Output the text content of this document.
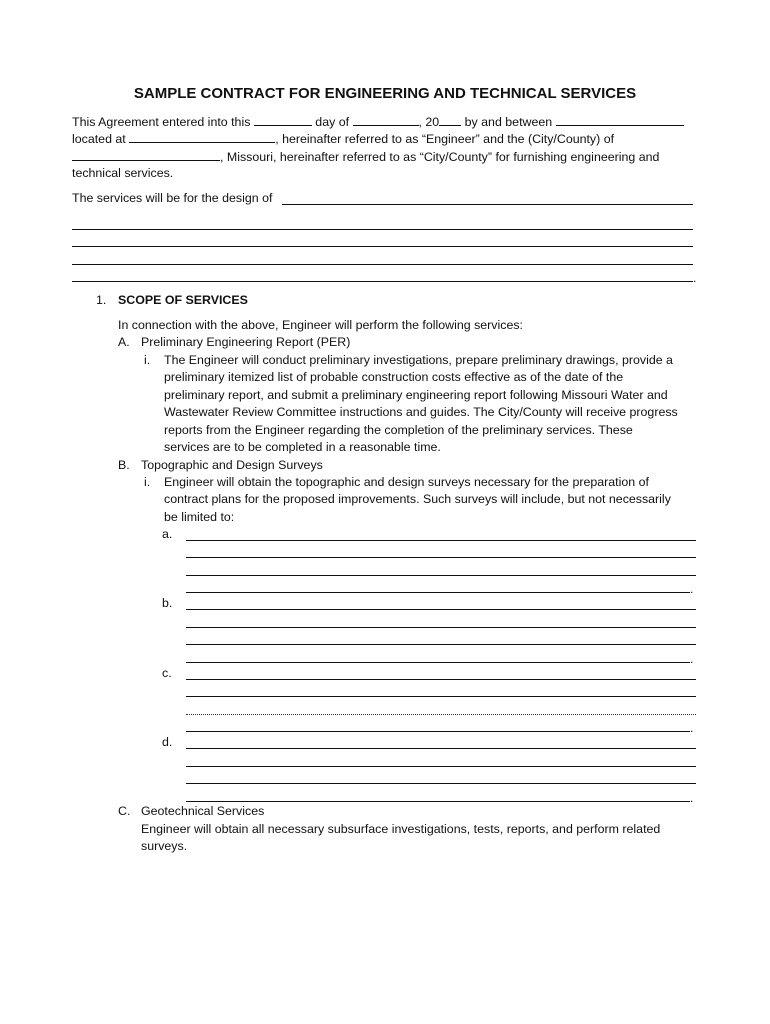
SAMPLE CONTRACT FOR ENGINEERING AND TECHNICAL SERVICES
This Agreement entered into this	day of	, 20 by and between
located at	, hereinafter referred to as “Engineer” and the (City/County) of
, Missouri, hereinafter referred to as “City/County” for furnishing engineering and
technical services.
The services will be for the design of
.
1. SCOPE OF SERVICES
In connection with the above, Engineer will perform the following services:
A. Preliminary Engineering Report (PER)
i. The Engineer will conduct preliminary investigations, prepare preliminary drawings, provide a
preliminary itemized list of probable construction costs effective as of the date of the
preliminary report, and submit a preliminary engineering report following Missouri Water and
Wastewater Review Committee instructions and guides. The City/County will receive progress
reports from the Engineer regarding the completion of the preliminary services. These
services are to be completed in a reasonable time.
B. Topographic and Design Surveys
i. Engineer will obtain the topographic and design surveys necessary for the preparation of
contract plans for the proposed improvements. Such surveys will include, but not necessarily
be limited to:
a.
.
b.
.
c.
.
d.
.
C. Geotechnical Services
Engineer will obtain all necessary subsurface investigations, tests, reports, and perform related
surveys.
